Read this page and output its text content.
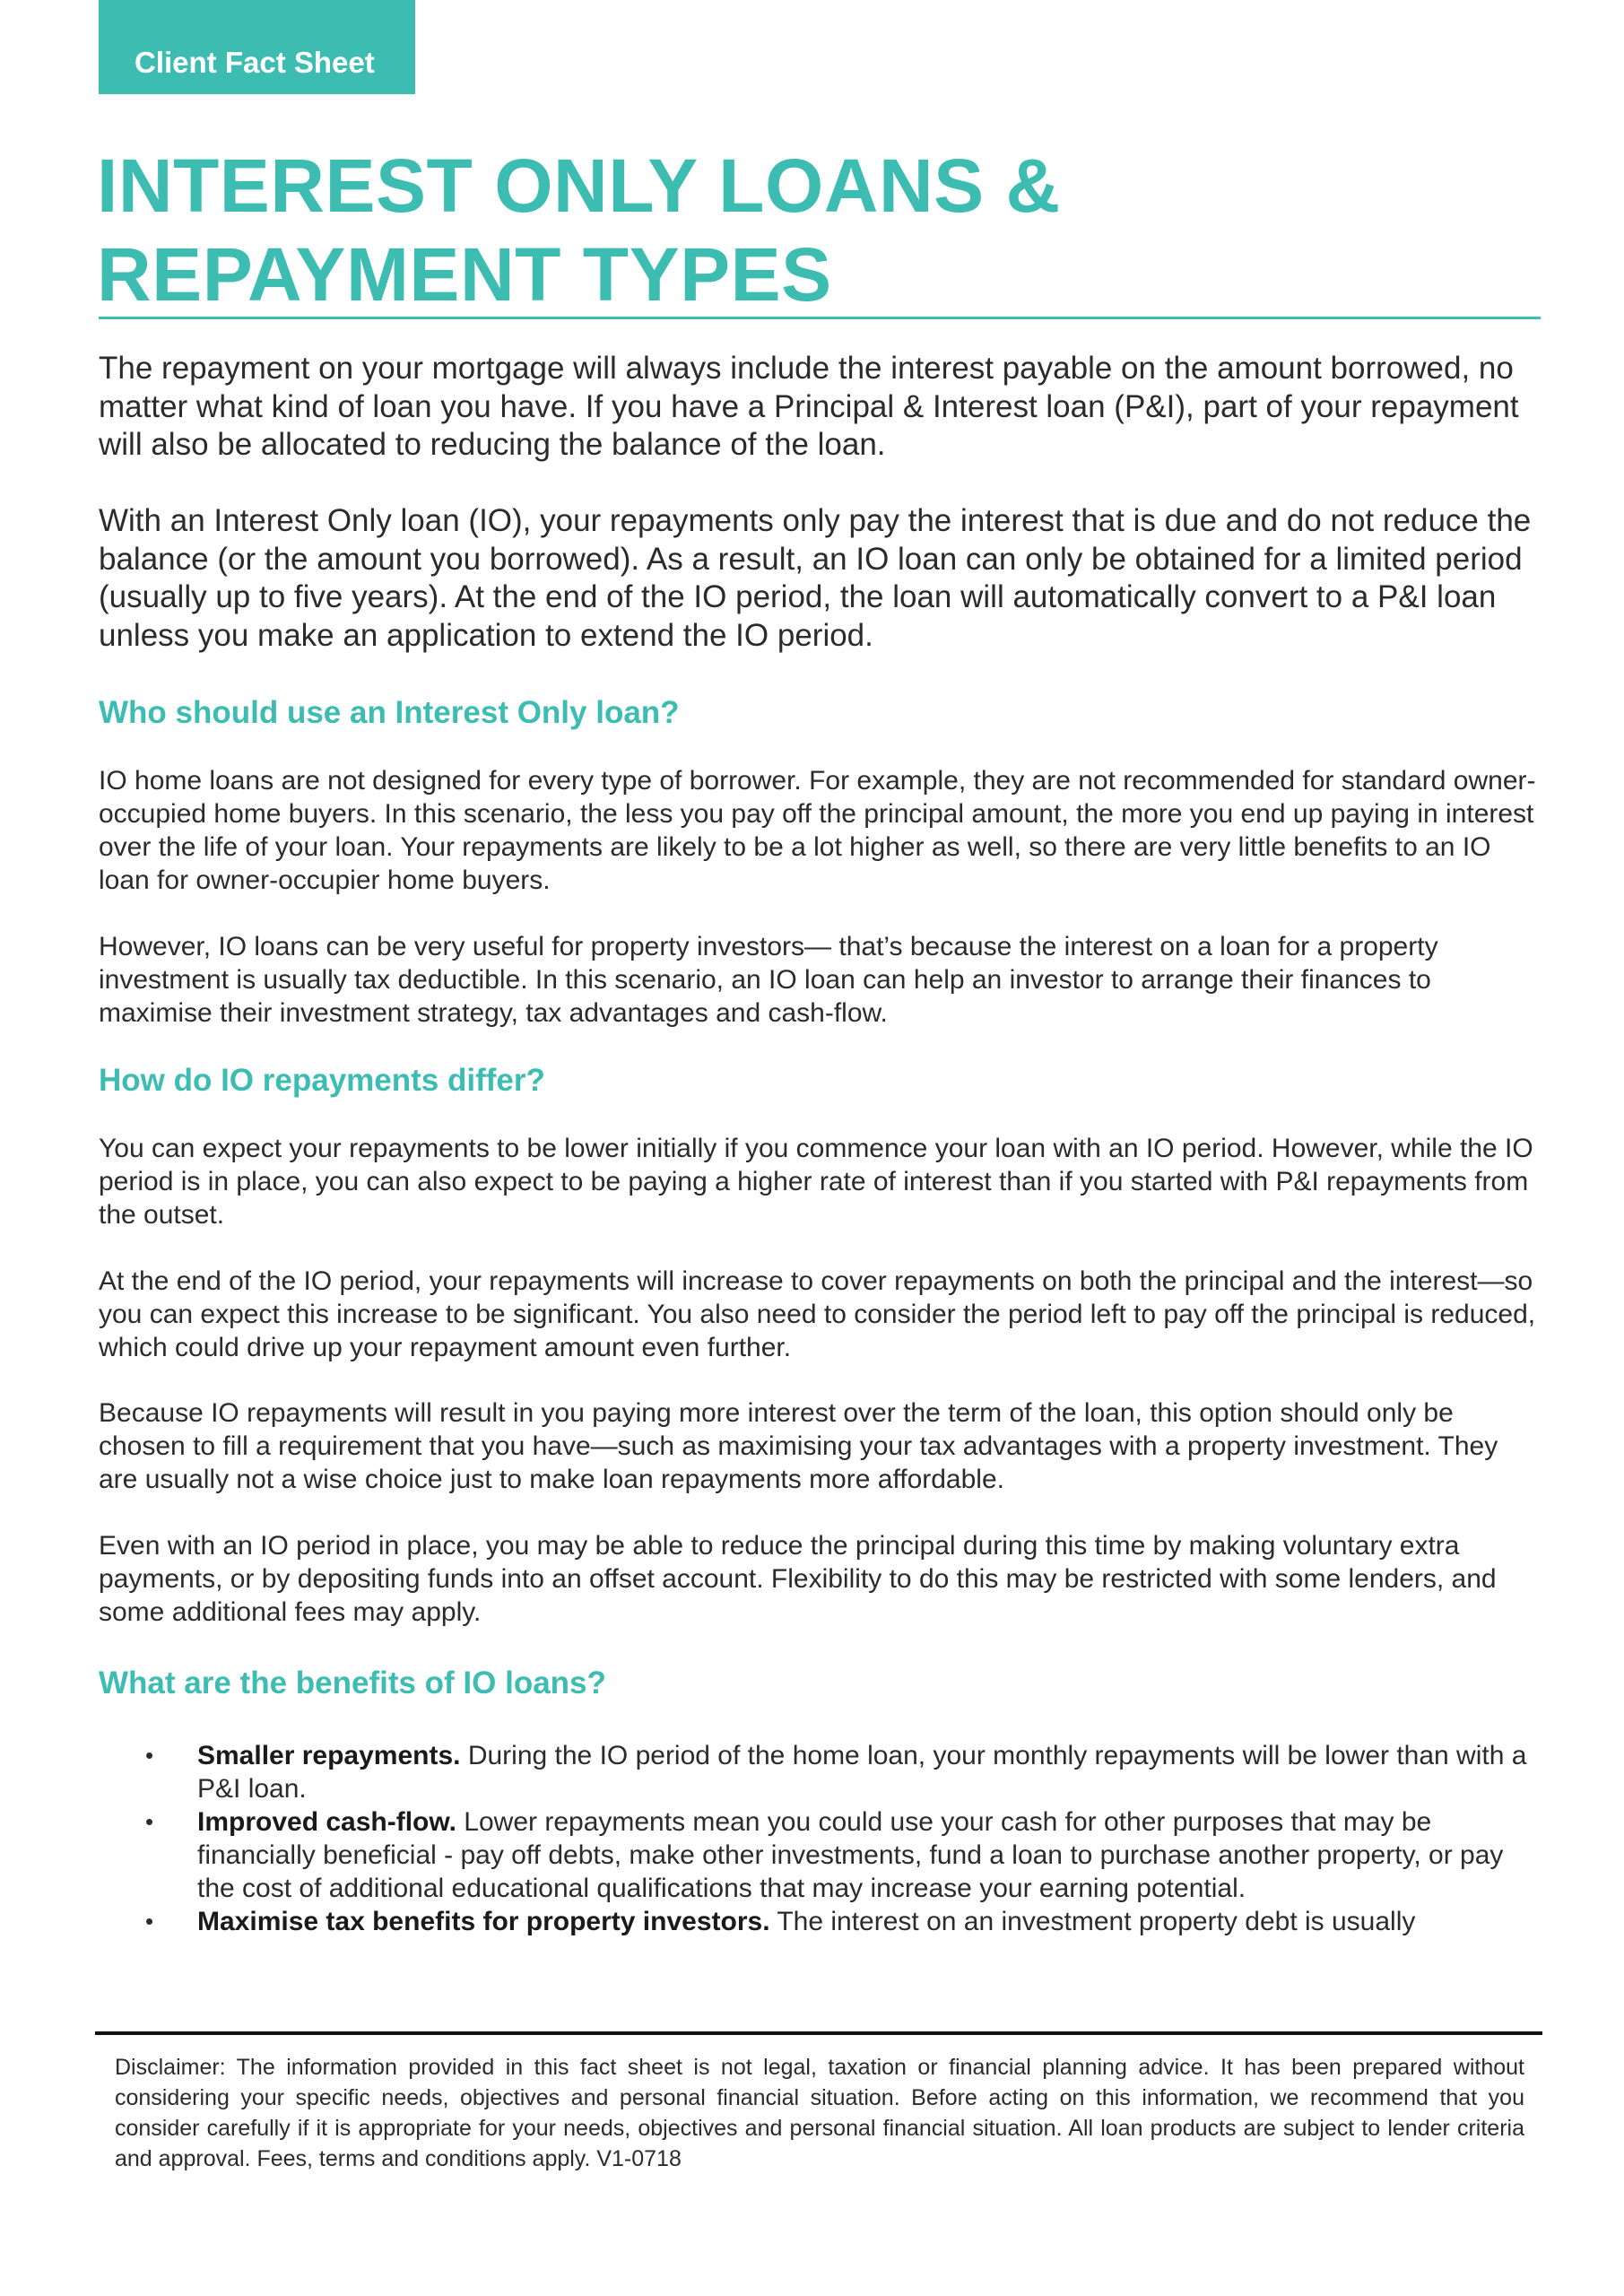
Client Fact Sheet
INTEREST ONLY LOANS &
REPAYMENT TYPES

The repayment on your mortgage will always include the interest payable on the amount borrowed, no matter what kind of loan you have. If you have a Principal & Interest loan (P&I), part of your repayment will also be allocated to reducing the balance of the loan.

With an Interest Only loan (IO), your repayments only pay the interest that is due and do not reduce the balance (or the amount you borrowed). As a result, an IO loan can only be obtained for a limited period (usually up to five years). At the end of the IO period, the loan will automatically convert to a P&I loan unless you make an application to extend the IO period.

Who should use an Interest Only loan?

IO home loans are not designed for every type of borrower. For example, they are not recommended for standard owner- occupied home buyers. In this scenario, the less you pay off the principal amount, the more you end up paying in interest over the life of your loan. Your repayments are likely to be a lot higher as well, so there are very little benefits to an IO loan for owner-occupier home buyers.

However, IO loans can be very useful for property investors— that’s because the interest on a loan for a property investment is usually tax deductible. In this scenario, an IO loan can help an investor to arrange their finances to maximise their investment strategy, tax advantages and cash-flow.

How do IO repayments differ?

You can expect your repayments to be lower initially if you commence your loan with an IO period. However, while the IO period is in place, you can also expect to be paying a higher rate of interest than if you started with P&I repayments from the outset.

At the end of the IO period, your repayments will increase to cover repayments on both the principal and the interest—so you can expect this increase to be significant. You also need to consider the period left to pay off the principal is reduced, which could drive up your repayment amount even further.

Because IO repayments will result in you paying more interest over the term of the loan, this option should only be chosen to fill a requirement that you have—such as maximising your tax advantages with a property investment. They are usually not a wise choice just to make loan repayments more affordable.

Even with an IO period in place, you may be able to reduce the principal during this time by making voluntary extra payments, or by depositing funds into an offset account. Flexibility to do this may be restricted with some lenders, and some additional fees may apply.

What are the benefits of IO loans?
• Smaller repayments. During the IO period of the home loan, your monthly repayments will be lower than with a P&I loan.
• Improved cash-flow. Lower repayments mean you could use your cash for other purposes that may be financially beneficial - pay off debts, make other investments, fund a loan to purchase another property, or pay the cost of additional educational qualifications that may increase your earning potential.
• Maximise tax benefits for property investors. The interest on an investment property debt is usually

Disclaimer: The information provided in this fact sheet is not legal, taxation or financial planning advice. It has been prepared without considering your specific needs, objectives and personal financial situation. Before acting on this information, we recommend that you consider carefully if it is appropriate for your needs, objectives and personal financial situation. All loan products are subject to lender criteria and approval. Fees, terms and conditions apply. V1-0718
